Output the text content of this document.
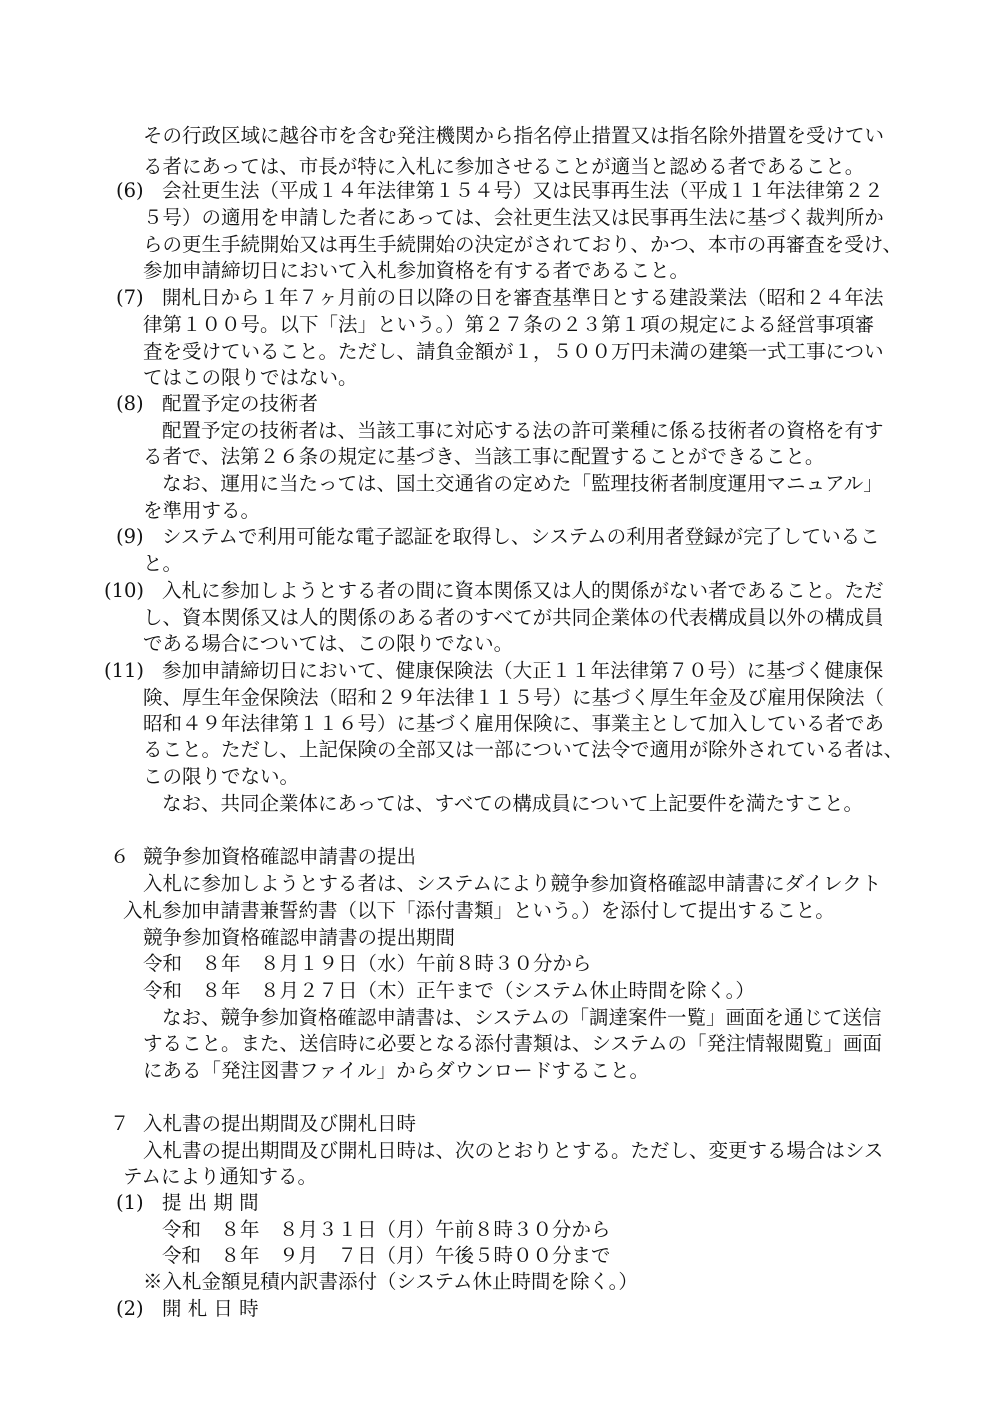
その行政区域に越谷市を含む発注機関から指名停止措置又は指名除外措置を受けてい
る者にあっては、市長が特に入札に参加させることが適当と認める者であること。
(6) 会社更生法（平成１４年法律第１５４号）又は民事再生法（平成１１年法律第２２
５号）の適用を申請した者にあっては、会社更生法又は民事再生法に基づく裁判所か
らの更生手続開始又は再生手続開始の決定がされており、かつ、本市の再審査を受け、
参加申請締切日において入札参加資格を有する者であること。
(7) 開札日から１年７ヶ月前の日以降の日を審査基準日とする建設業法（昭和２４年法
律第１００号。以下「法」という。）第２７条の２３第１項の規定による経営事項審
査を受けていること。ただし、請負金額が１，５００万円未満の建築一式工事につい
てはこの限りではない。
(8) 配置予定の技術者
配置予定の技術者は、当該工事に対応する法の許可業種に係る技術者の資格を有す
る者で、法第２６条の規定に基づき、当該工事に配置することができること。
なお、運用に当たっては、国土交通省の定めた「監理技術者制度運用マニュアル」
を準用する。
(9) システムで利用可能な電子認証を取得し、システムの利用者登録が完了しているこ
と。
(10) 入札に参加しようとする者の間に資本関係又は人的関係がない者であること。ただ
し、資本関係又は人的関係のある者のすべてが共同企業体の代表構成員以外の構成員
である場合については、この限りでない。
(11) 参加申請締切日において、健康保険法（大正１１年法律第７０号）に基づく健康保
険、厚生年金保険法（昭和２９年法律１１５号）に基づく厚生年金及び雇用保険法（
昭和４９年法律第１１６号）に基づく雇用保険に、事業主として加入している者であ
ること。ただし、上記保険の全部又は一部について法令で適用が除外されている者は、
この限りでない。
なお、共同企業体にあっては、すべての構成員について上記要件を満たすこと。
６ 競争参加資格確認申請書の提出
入札に参加しようとする者は、システムにより競争参加資格確認申請書にダイレクト
入札参加申請書兼誓約書（以下「添付書類」という。）を添付して提出すること。
競争参加資格確認申請書の提出期間
令和　８年　８月１９日（水）午前８時３０分から
令和　８年　８月２７日（木）正午まで（システム休止時間を除く。）
なお、競争参加資格確認申請書は、システムの「調達案件一覧」画面を通じて送信
すること。また、送信時に必要となる添付書類は、システムの「発注情報閲覧」画面
にある「発注図書ファイル」からダウンロードすること。
７ 入札書の提出期間及び開札日時
入札書の提出期間及び開札日時は、次のとおりとする。ただし、変更する場合はシス
テムにより通知する。
(1) 提 出 期 間
令和　８年　８月３１日（月）午前８時３０分から
令和　８年　９月　７日（月）午後５時００分まで
※入札金額見積内訳書添付（システム休止時間を除く。）
(2) 開 札 日 時
